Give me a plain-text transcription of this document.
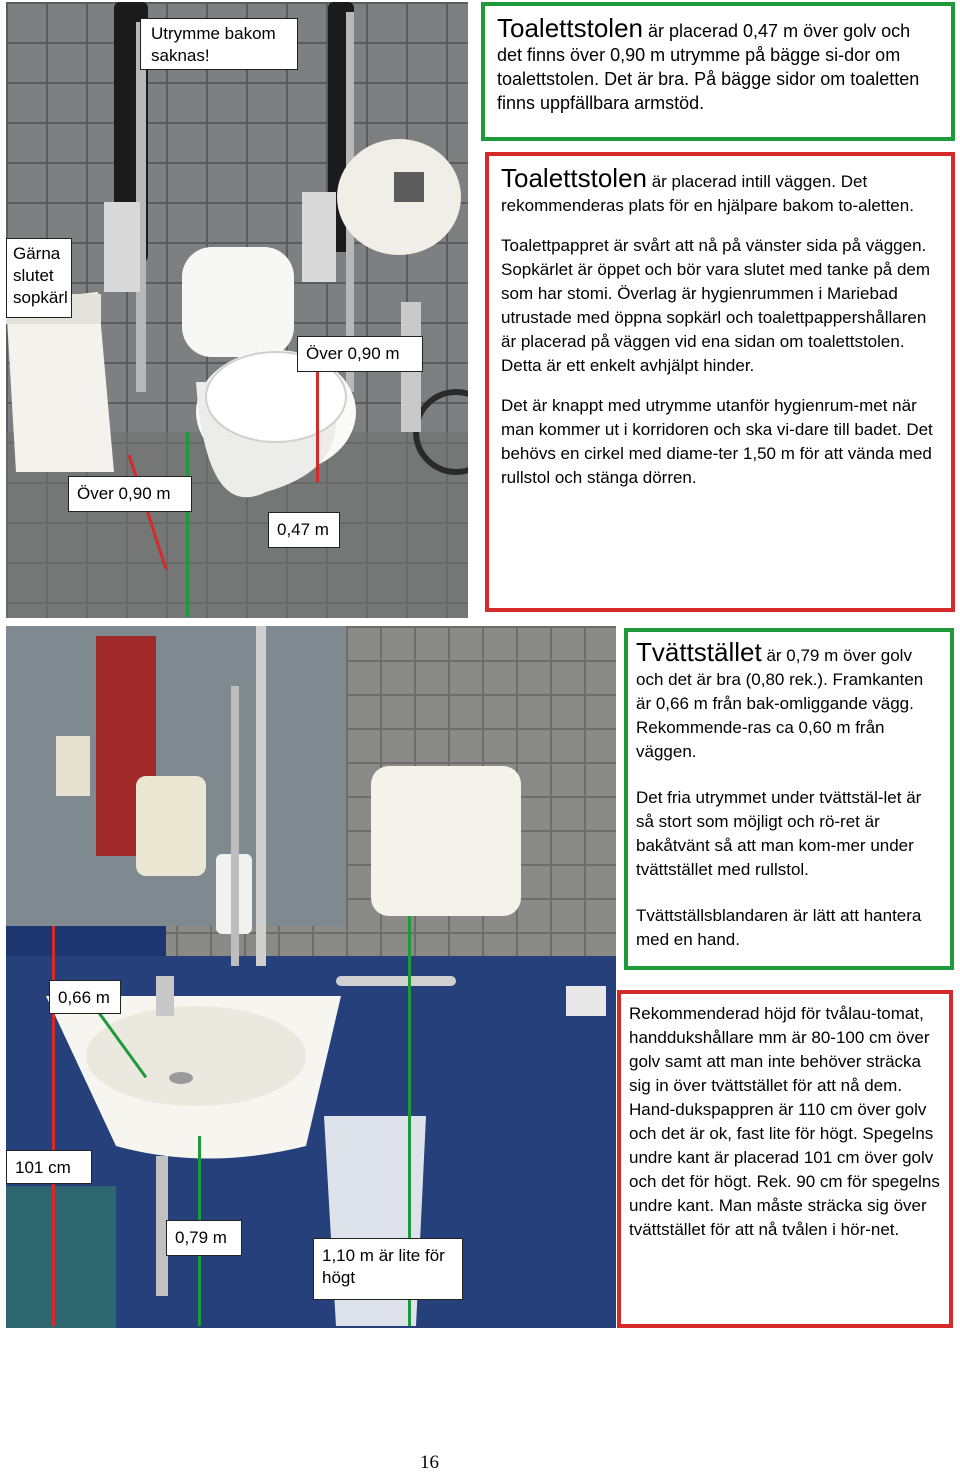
Utrymme bakom saknas!
Gärna slutet sopkärl
Över 0,90 m
Över 0,90 m
0,47 m

Toalettstolen är placerad 0,47 m över golv och det finns över 0,90 m utrymme på bägge si-dor om toalettstolen. Det är bra. På bägge sidor om toaletten finns uppfällbara armstöd.

Toalettstolen är placerad intill väggen. Det rekommenderas plats för en hjälpare bakom to-aletten.

Toalettpappret är svårt att nå på vänster sida på väggen. Sopkärlet är öppet och bör vara slutet med tanke på dem som har stomi. Överlag är hygienrummen i Mariebad utrustade med öppna sopkärl och toalettpappershållaren är placerad på väggen vid ena sidan om toalettstolen. Detta är ett enkelt avhjälpt hinder.

Det är knappt med utrymme utanför hygienrum-met när man kommer ut i korridoren och ska vi-dare till badet. Det behövs en cirkel med diame-ter 1,50 m för att vända med rullstol och stänga dörren.

0,66 m
101 cm
0,79 m
1,10 m är lite för högt

Tvättstället är 0,79 m över golv och det är bra (0,80 rek.). Framkanten är 0,66 m från bak-omliggande vägg. Rekommende-ras ca 0,60 m från väggen.

Det fria utrymmet under tvättstäl-let är så stort som möjligt och rö-ret är bakåtvänt så att man kom-mer under tvättstället med rullstol.

Tvättställsblandaren är lätt att hantera med en hand.

Rekommenderad höjd för tvålau-tomat, handdukshållare mm är 80-100 cm över golv samt att man inte behöver sträcka sig in över tvättstället för att nå dem. Hand-dukspappren är 110 cm över golv och det är ok, fast lite för högt. Spegelns undre kant är placerad 101 cm över golv och det för högt. Rek. 90 cm för spegelns undre kant. Man måste sträcka sig över tvättstället för att nå tvålen i hör-net.

16
